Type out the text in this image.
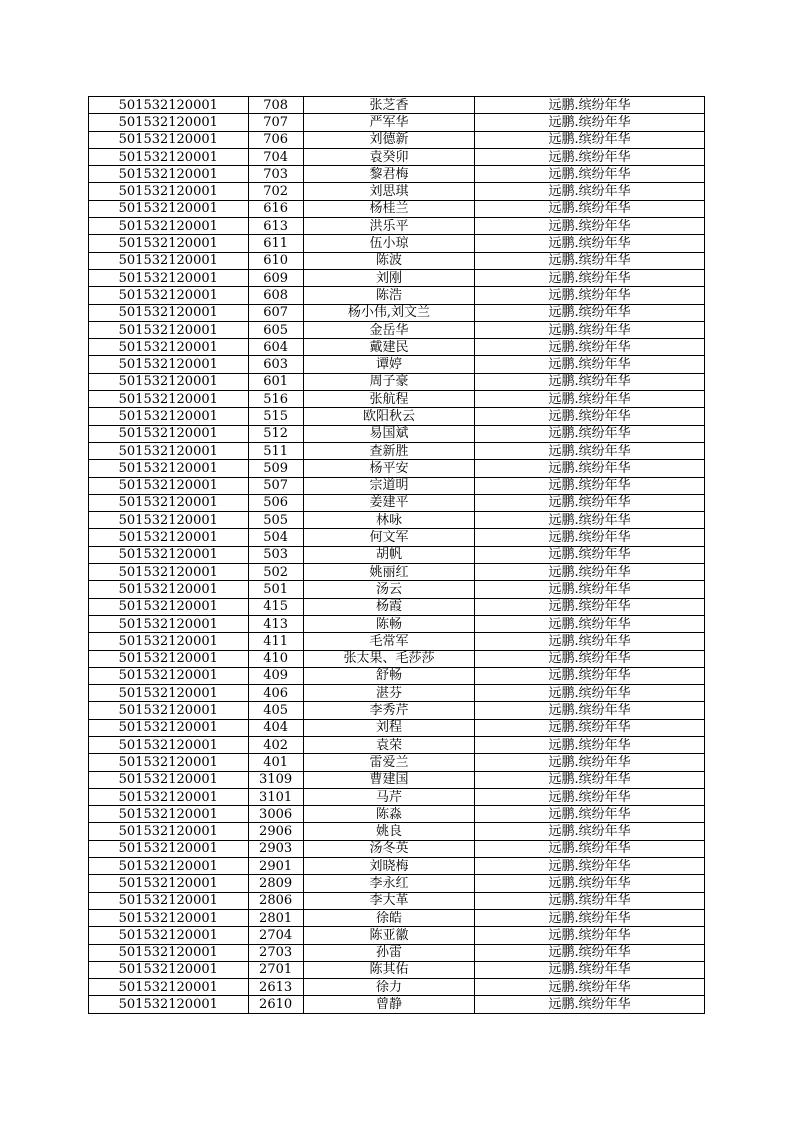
501532120001	708	张芝香	远鹏.缤纷年华
501532120001	707	严军华	远鹏.缤纷年华
501532120001	706	刘德新	远鹏.缤纷年华
501532120001	704	袁癸卯	远鹏.缤纷年华
501532120001	703	黎君梅	远鹏.缤纷年华
501532120001	702	刘思琪	远鹏.缤纷年华
501532120001	616	杨桂兰	远鹏.缤纷年华
501532120001	613	洪乐平	远鹏.缤纷年华
501532120001	611	伍小琼	远鹏.缤纷年华
501532120001	610	陈波	远鹏.缤纷年华
501532120001	609	刘刚	远鹏.缤纷年华
501532120001	608	陈浩	远鹏.缤纷年华
501532120001	607	杨小伟,刘文兰	远鹏.缤纷年华
501532120001	605	金岳华	远鹏.缤纷年华
501532120001	604	戴建民	远鹏.缤纷年华
501532120001	603	谭婷	远鹏.缤纷年华
501532120001	601	周子豪	远鹏.缤纷年华
501532120001	516	张航程	远鹏.缤纷年华
501532120001	515	欧阳秋云	远鹏.缤纷年华
501532120001	512	易国斌	远鹏.缤纷年华
501532120001	511	查新胜	远鹏.缤纷年华
501532120001	509	杨平安	远鹏.缤纷年华
501532120001	507	宗道明	远鹏.缤纷年华
501532120001	506	姜建平	远鹏.缤纷年华
501532120001	505	林咏	远鹏.缤纷年华
501532120001	504	何文军	远鹏.缤纷年华
501532120001	503	胡帆	远鹏.缤纷年华
501532120001	502	姚丽红	远鹏.缤纷年华
501532120001	501	汤云	远鹏.缤纷年华
501532120001	415	杨霞	远鹏.缤纷年华
501532120001	413	陈畅	远鹏.缤纷年华
501532120001	411	毛常军	远鹏.缤纷年华
501532120001	410	张太果、毛莎莎	远鹏.缤纷年华
501532120001	409	舒畅	远鹏.缤纷年华
501532120001	406	湛芬	远鹏.缤纷年华
501532120001	405	李秀芹	远鹏.缤纷年华
501532120001	404	刘程	远鹏.缤纷年华
501532120001	402	袁荣	远鹏.缤纷年华
501532120001	401	雷爱兰	远鹏.缤纷年华
501532120001	3109	曹建国	远鹏.缤纷年华
501532120001	3101	马芹	远鹏.缤纷年华
501532120001	3006	陈淼	远鹏.缤纷年华
501532120001	2906	姚良	远鹏.缤纷年华
501532120001	2903	汤冬英	远鹏.缤纷年华
501532120001	2901	刘晓梅	远鹏.缤纷年华
501532120001	2809	李永红	远鹏.缤纷年华
501532120001	2806	李大革	远鹏.缤纷年华
501532120001	2801	徐皓	远鹏.缤纷年华
501532120001	2704	陈亚徽	远鹏.缤纷年华
501532120001	2703	孙雷	远鹏.缤纷年华
501532120001	2701	陈其佑	远鹏.缤纷年华
501532120001	2613	徐力	远鹏.缤纷年华
501532120001	2610	曾静	远鹏.缤纷年华
